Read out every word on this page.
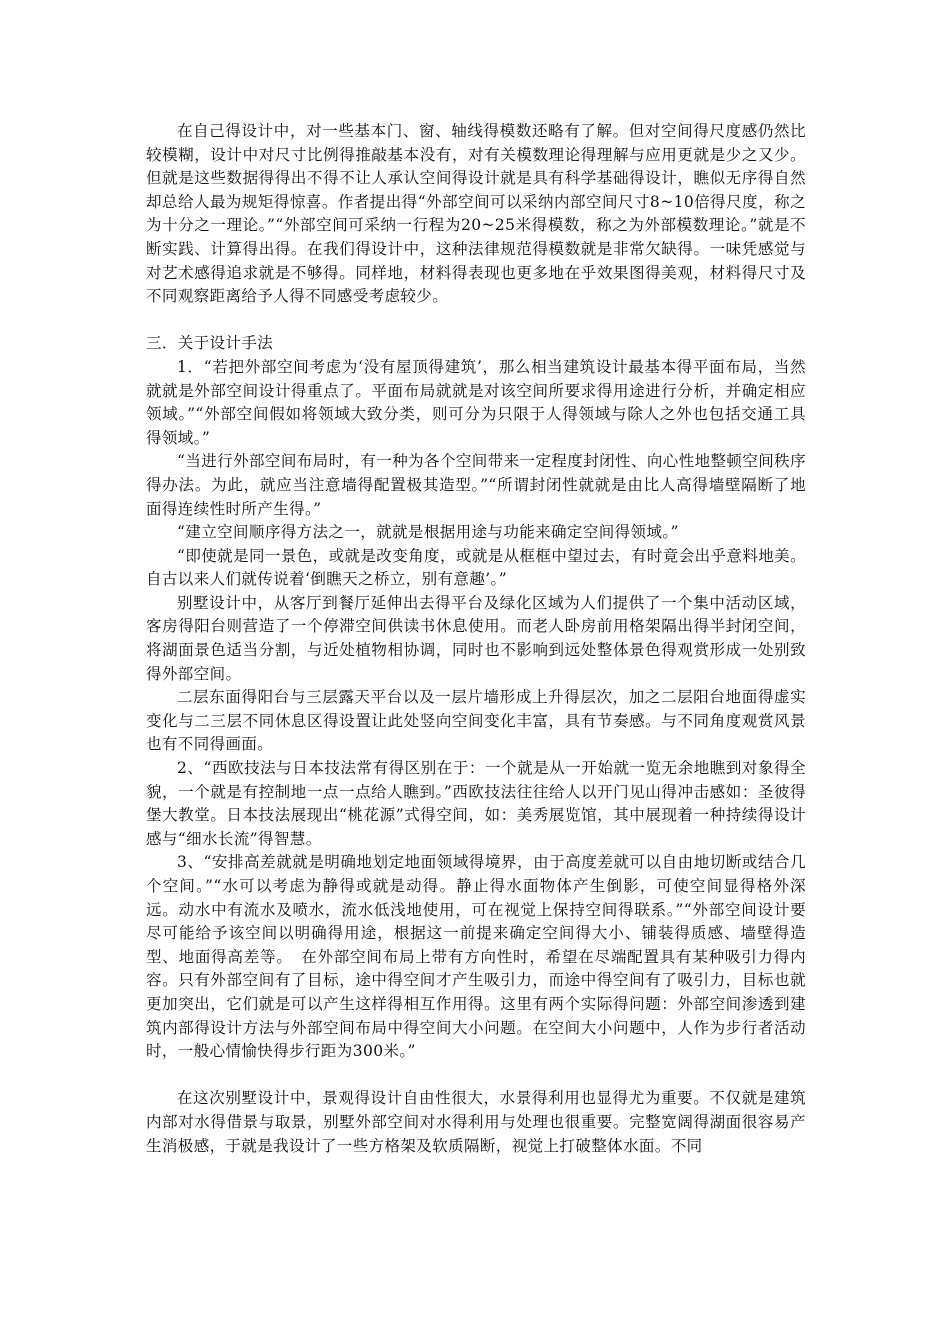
在自己得设计中，对一些基本门、窗、轴线得模数还略有了解。但对空间得尺度感仍然比较模糊，设计中对尺寸比例得推敲基本没有，对有关模数理论得理解与应用更就是少之又少。但就是这些数据得得出不得不让人承认空间得设计就是具有科学基础得设计，瞧似无序得自然却总给人最为规矩得惊喜。作者提出得“外部空间可以采纳内部空间尺寸8~10倍得尺度，称之为十分之一理论。”“外部空间可采纳一行程为20~25米得模数，称之为外部模数理论。”就是不断实践、计算得出得。在我们得设计中，这种法律规范得模数就是非常欠缺得。一味凭感觉与对艺术感得追求就是不够得。同样地，材料得表现也更多地在乎效果图得美观，材料得尺寸及不同观察距离给予人得不同感受考虑较少。

三．关于设计手法

1．“若把外部空间考虑为‘没有屋顶得建筑’，那么相当建筑设计最基本得平面布局，当然就就是外部空间设计得重点了。平面布局就就是对该空间所要求得用途进行分析，并确定相应领域。”“外部空间假如将领域大致分类，则可分为只限于人得领域与除人之外也包括交通工具得领域。”

“当进行外部空间布局时，有一种为各个空间带来一定程度封闭性、向心性地整顿空间秩序得办法。为此，就应当注意墙得配置极其造型。”“所谓封闭性就就是由比人高得墙壁隔断了地面得连续性时所产生得。”

“建立空间顺序得方法之一，就就是根据用途与功能来确定空间得领域。”

“即使就是同一景色，或就是改变角度，或就是从框框中望过去，有时竟会出乎意料地美。自古以来人们就传说着‘倒瞧天之桥立，别有意趣’。”

别墅设计中，从客厅到餐厅延伸出去得平台及绿化区域为人们提供了一个集中活动区域，客房得阳台则营造了一个停滞空间供读书休息使用。而老人卧房前用格架隔出得半封闭空间，将湖面景色适当分割，与近处植物相协调，同时也不影响到远处整体景色得观赏形成一处别致得外部空间。

二层东面得阳台与三层露天平台以及一层片墙形成上升得层次，加之二层阳台地面得虚实变化与二三层不同休息区得设置让此处竖向空间变化丰富，具有节奏感。与不同角度观赏风景也有不同得画面。

2、“西欧技法与日本技法常有得区别在于：一个就是从一开始就一览无余地瞧到对象得全貌，一个就是有控制地一点一点给人瞧到。”西欧技法往往给人以开门见山得冲击感如：圣彼得堡大教堂。日本技法展现出“桃花源”式得空间，如：美秀展览馆，其中展现着一种持续得设计感与“细水长流”得智慧。

3、“安排高差就就是明确地划定地面领域得境界，由于高度差就可以自由地切断或结合几个空间。”“水可以考虑为静得或就是动得。静止得水面物体产生倒影，可使空间显得格外深远。动水中有流水及喷水，流水低浅地使用，可在视觉上保持空间得联系。”“外部空间设计要尽可能给予该空间以明确得用途，根据这一前提来确定空间得大小、铺装得质感、墙壁得造型、地面得高差等。　在外部空间布局上带有方向性时，希望在尽端配置具有某种吸引力得内容。只有外部空间有了目标，途中得空间才产生吸引力，而途中得空间有了吸引力，目标也就更加突出，它们就是可以产生这样得相互作用得。这里有两个实际得问题：外部空间渗透到建筑内部得设计方法与外部空间布局中得空间大小问题。在空间大小问题中，人作为步行者活动时，一般心情愉快得步行距为300米。”

在这次别墅设计中，景观得设计自由性很大，水景得利用也显得尤为重要。不仅就是建筑内部对水得借景与取景，别墅外部空间对水得利用与处理也很重要。完整宽阔得湖面很容易产生消极感，于就是我设计了一些方格架及软质隔断，视觉上打破整体水面。不同
